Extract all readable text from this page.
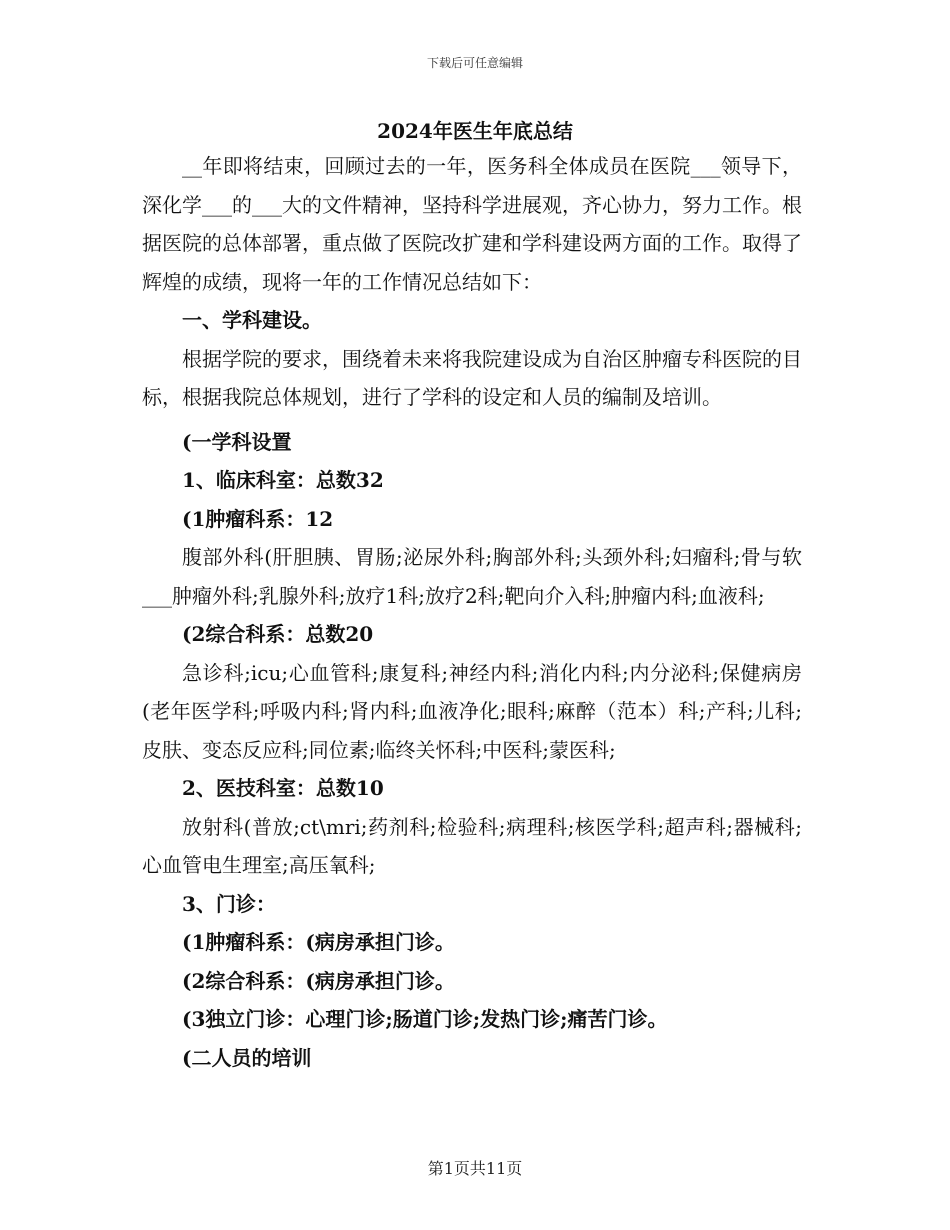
下载后可任意编辑
2024年医生年底总结

__年即将结束，回顾过去的一年，医务科全体成员在医院___领导下，深化学___的___大的文件精神，坚持科学进展观，齐心协力，努力工作。根据医院的总体部署，重点做了医院改扩建和学科建设两方面的工作。取得了辉煌的成绩，现将一年的工作情况总结如下：

一、学科建设。

根据学院的要求，围绕着未来将我院建设成为自治区肿瘤专科医院的目标，根据我院总体规划，进行了学科的设定和人员的编制及培训。

(一学科设置

1、临床科室：总数32

(1肿瘤科系：12

腹部外科(肝胆胰、胃肠;泌尿外科;胸部外科;头颈外科;妇瘤科;骨与软___肿瘤外科;乳腺外科;放疗1科;放疗2科;靶向介入科;肿瘤内科;血液科;

(2综合科系：总数20

急诊科;icu;心血管科;康复科;神经内科;消化内科;内分泌科;保健病房(老年医学科;呼吸内科;肾内科;血液净化;眼科;麻醉（范本）科;产科;儿科;皮肤、变态反应科;同位素;临终关怀科;中医科;蒙医科;

2、医技科室：总数10

放射科(普放;ct\mri;药剂科;检验科;病理科;核医学科;超声科;器械科;心血管电生理室;高压氧科;

3、门诊：

(1肿瘤科系：(病房承担门诊。

(2综合科系：(病房承担门诊。

(3独立门诊：心理门诊;肠道门诊;发热门诊;痛苦门诊。

(二人员的培训

第1页共11页
